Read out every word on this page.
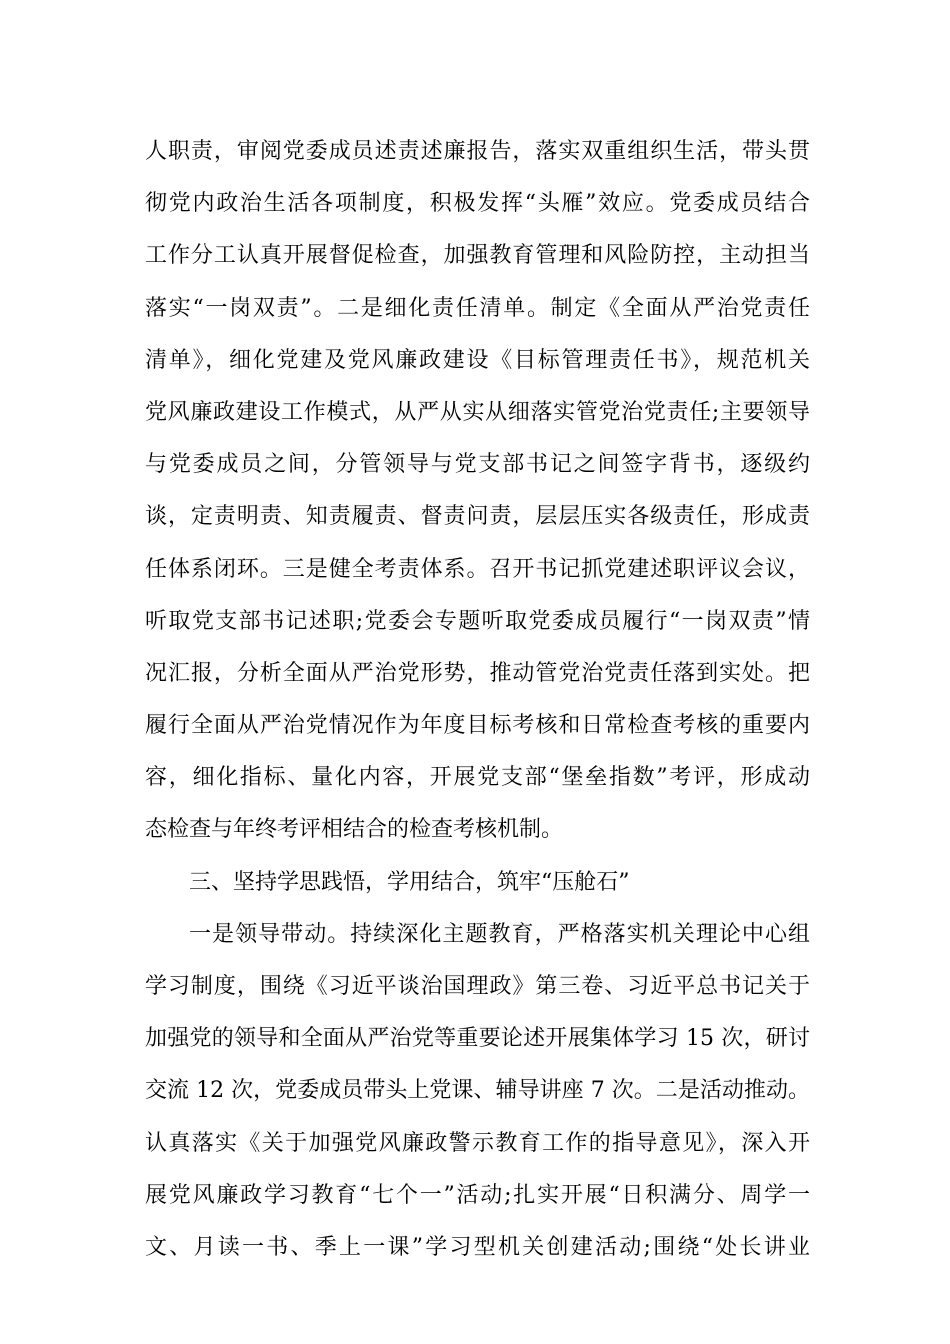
人职责，审阅党委成员述责述廉报告，落实双重组织生活，带头贯
彻党内政治生活各项制度，积极发挥“头雁”效应。党委成员结合
工作分工认真开展督促检查，加强教育管理和风险防控，主动担当
落实“一岗双责”。二是细化责任清单。制定《全面从严治党责任
清单》，细化党建及党风廉政建设《目标管理责任书》，规范机关
党风廉政建设工作模式，从严从实从细落实管党治党责任;主要领导
与党委成员之间，分管领导与党支部书记之间签字背书，逐级约
谈，定责明责、知责履责、督责问责，层层压实各级责任，形成责
任体系闭环。三是健全考责体系。召开书记抓党建述职评议会议，
听取党支部书记述职;党委会专题听取党委成员履行“一岗双责”情
况汇报，分析全面从严治党形势，推动管党治党责任落到实处。把
履行全面从严治党情况作为年度目标考核和日常检查考核的重要内
容，细化指标、量化内容，开展党支部“堡垒指数”考评，形成动
态检查与年终考评相结合的检查考核机制。
三、坚持学思践悟，学用结合，筑牢“压舱石”
一是领导带动。持续深化主题教育，严格落实机关理论中心组
学习制度，围绕《习近平谈治国理政》第三卷、习近平总书记关于
加强党的领导和全面从严治党等重要论述开展集体学习 15 次，研讨
交流 12 次，党委成员带头上党课、辅导讲座 7 次。二是活动推动。
认真落实《关于加强党风廉政警示教育工作的指导意见》，深入开
展党风廉政学习教育“七个一”活动;扎实开展“日积满分、周学一
文、月读一书、季上一课”学习型机关创建活动;围绕“处长讲业
